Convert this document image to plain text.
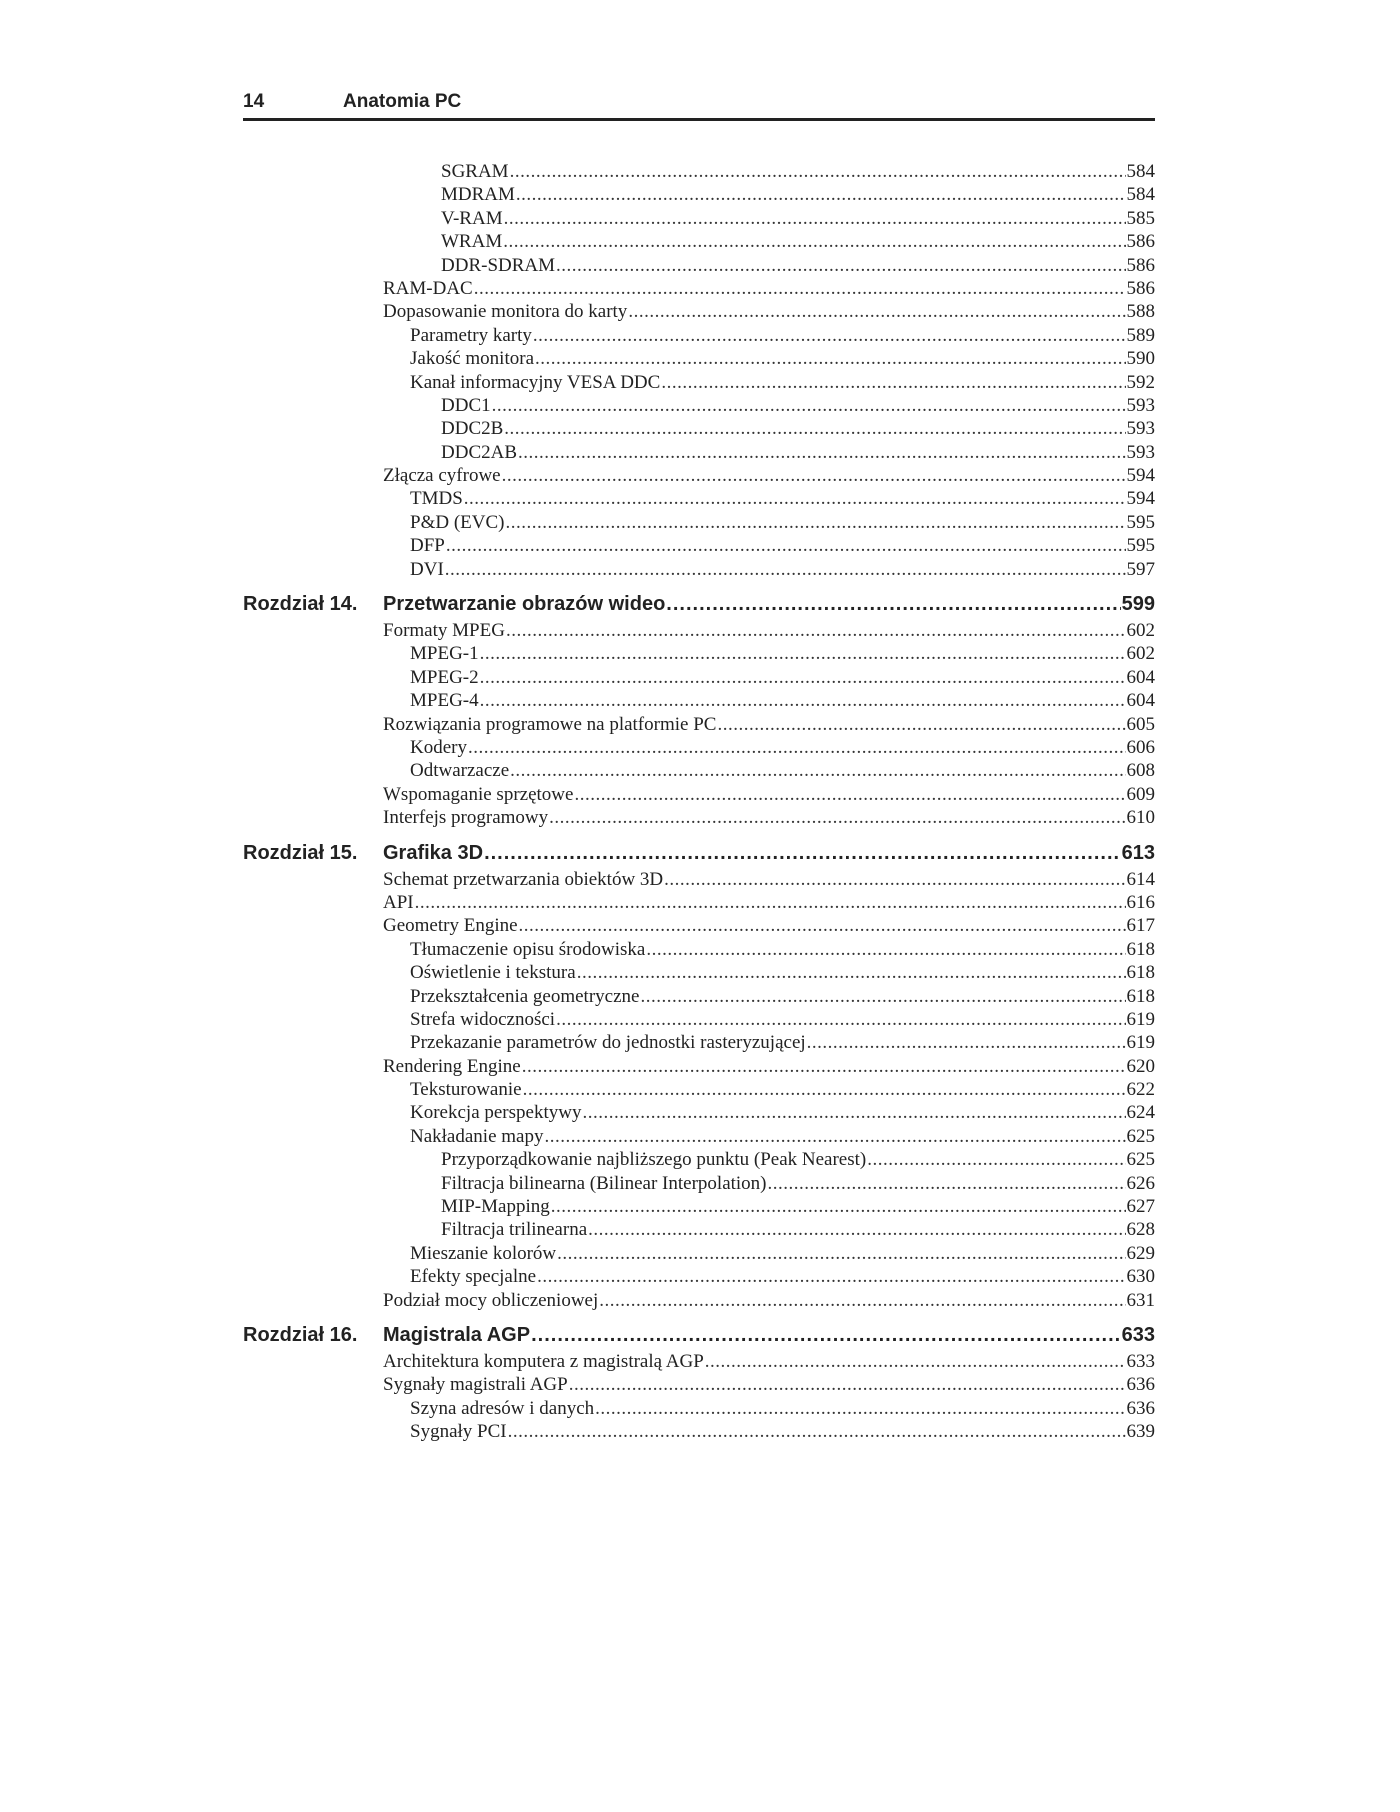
14	Anatomia PC
SGRAM .....	584
MDRAM .....	584
V-RAM .....	585
WRAM .....	586
DDR-SDRAM .....	586
RAM-DAC .....	586
Dopasowanie monitora do karty .....	588
Parametry karty .....	589
Jakość monitora .....	590
Kanał informacyjny VESA DDC .....	592
DDC1 .....	593
DDC2B .....	593
DDC2AB .....	593
Złącza cyfrowe .....	594
TMDS .....	594
P&D (EVC) .....	595
DFP .....	595
DVI .....	597
Rozdział 14.	Przetwarzanie obrazów wideo .....	599
Formaty MPEG .....	602
MPEG-1 .....	602
MPEG-2 .....	604
MPEG-4 .....	604
Rozwiązania programowe na platformie PC .....	605
Kodery .....	606
Odtwarzacze .....	608
Wspomaganie sprzętowe .....	609
Interfejs programowy .....	610
Rozdział 15.	Grafika 3D .....	613
Schemat przetwarzania obiektów 3D .....	614
API .....	616
Geometry Engine .....	617
Tłumaczenie opisu środowiska .....	618
Oświetlenie i tekstura .....	618
Przekształcenia geometryczne .....	618
Strefa widoczności .....	619
Przekazanie parametrów do jednostki rasteryzującej .....	619
Rendering Engine .....	620
Teksturowanie .....	622
Korekcja perspektywy .....	624
Nakładanie mapy .....	625
Przyporządkowanie najbliższego punktu (Peak Nearest) .....	625
Filtracja bilinearna (Bilinear Interpolation) .....	626
MIP-Mapping .....	627
Filtracja trilinearna .....	628
Mieszanie kolorów .....	629
Efekty specjalne .....	630
Podział mocy obliczeniowej .....	631
Rozdział 16.	Magistrala AGP .....	633
Architektura komputera z magistralą AGP .....	633
Sygnały magistrali AGP .....	636
Szyna adresów i danych .....	636
Sygnały PCI .....	639
